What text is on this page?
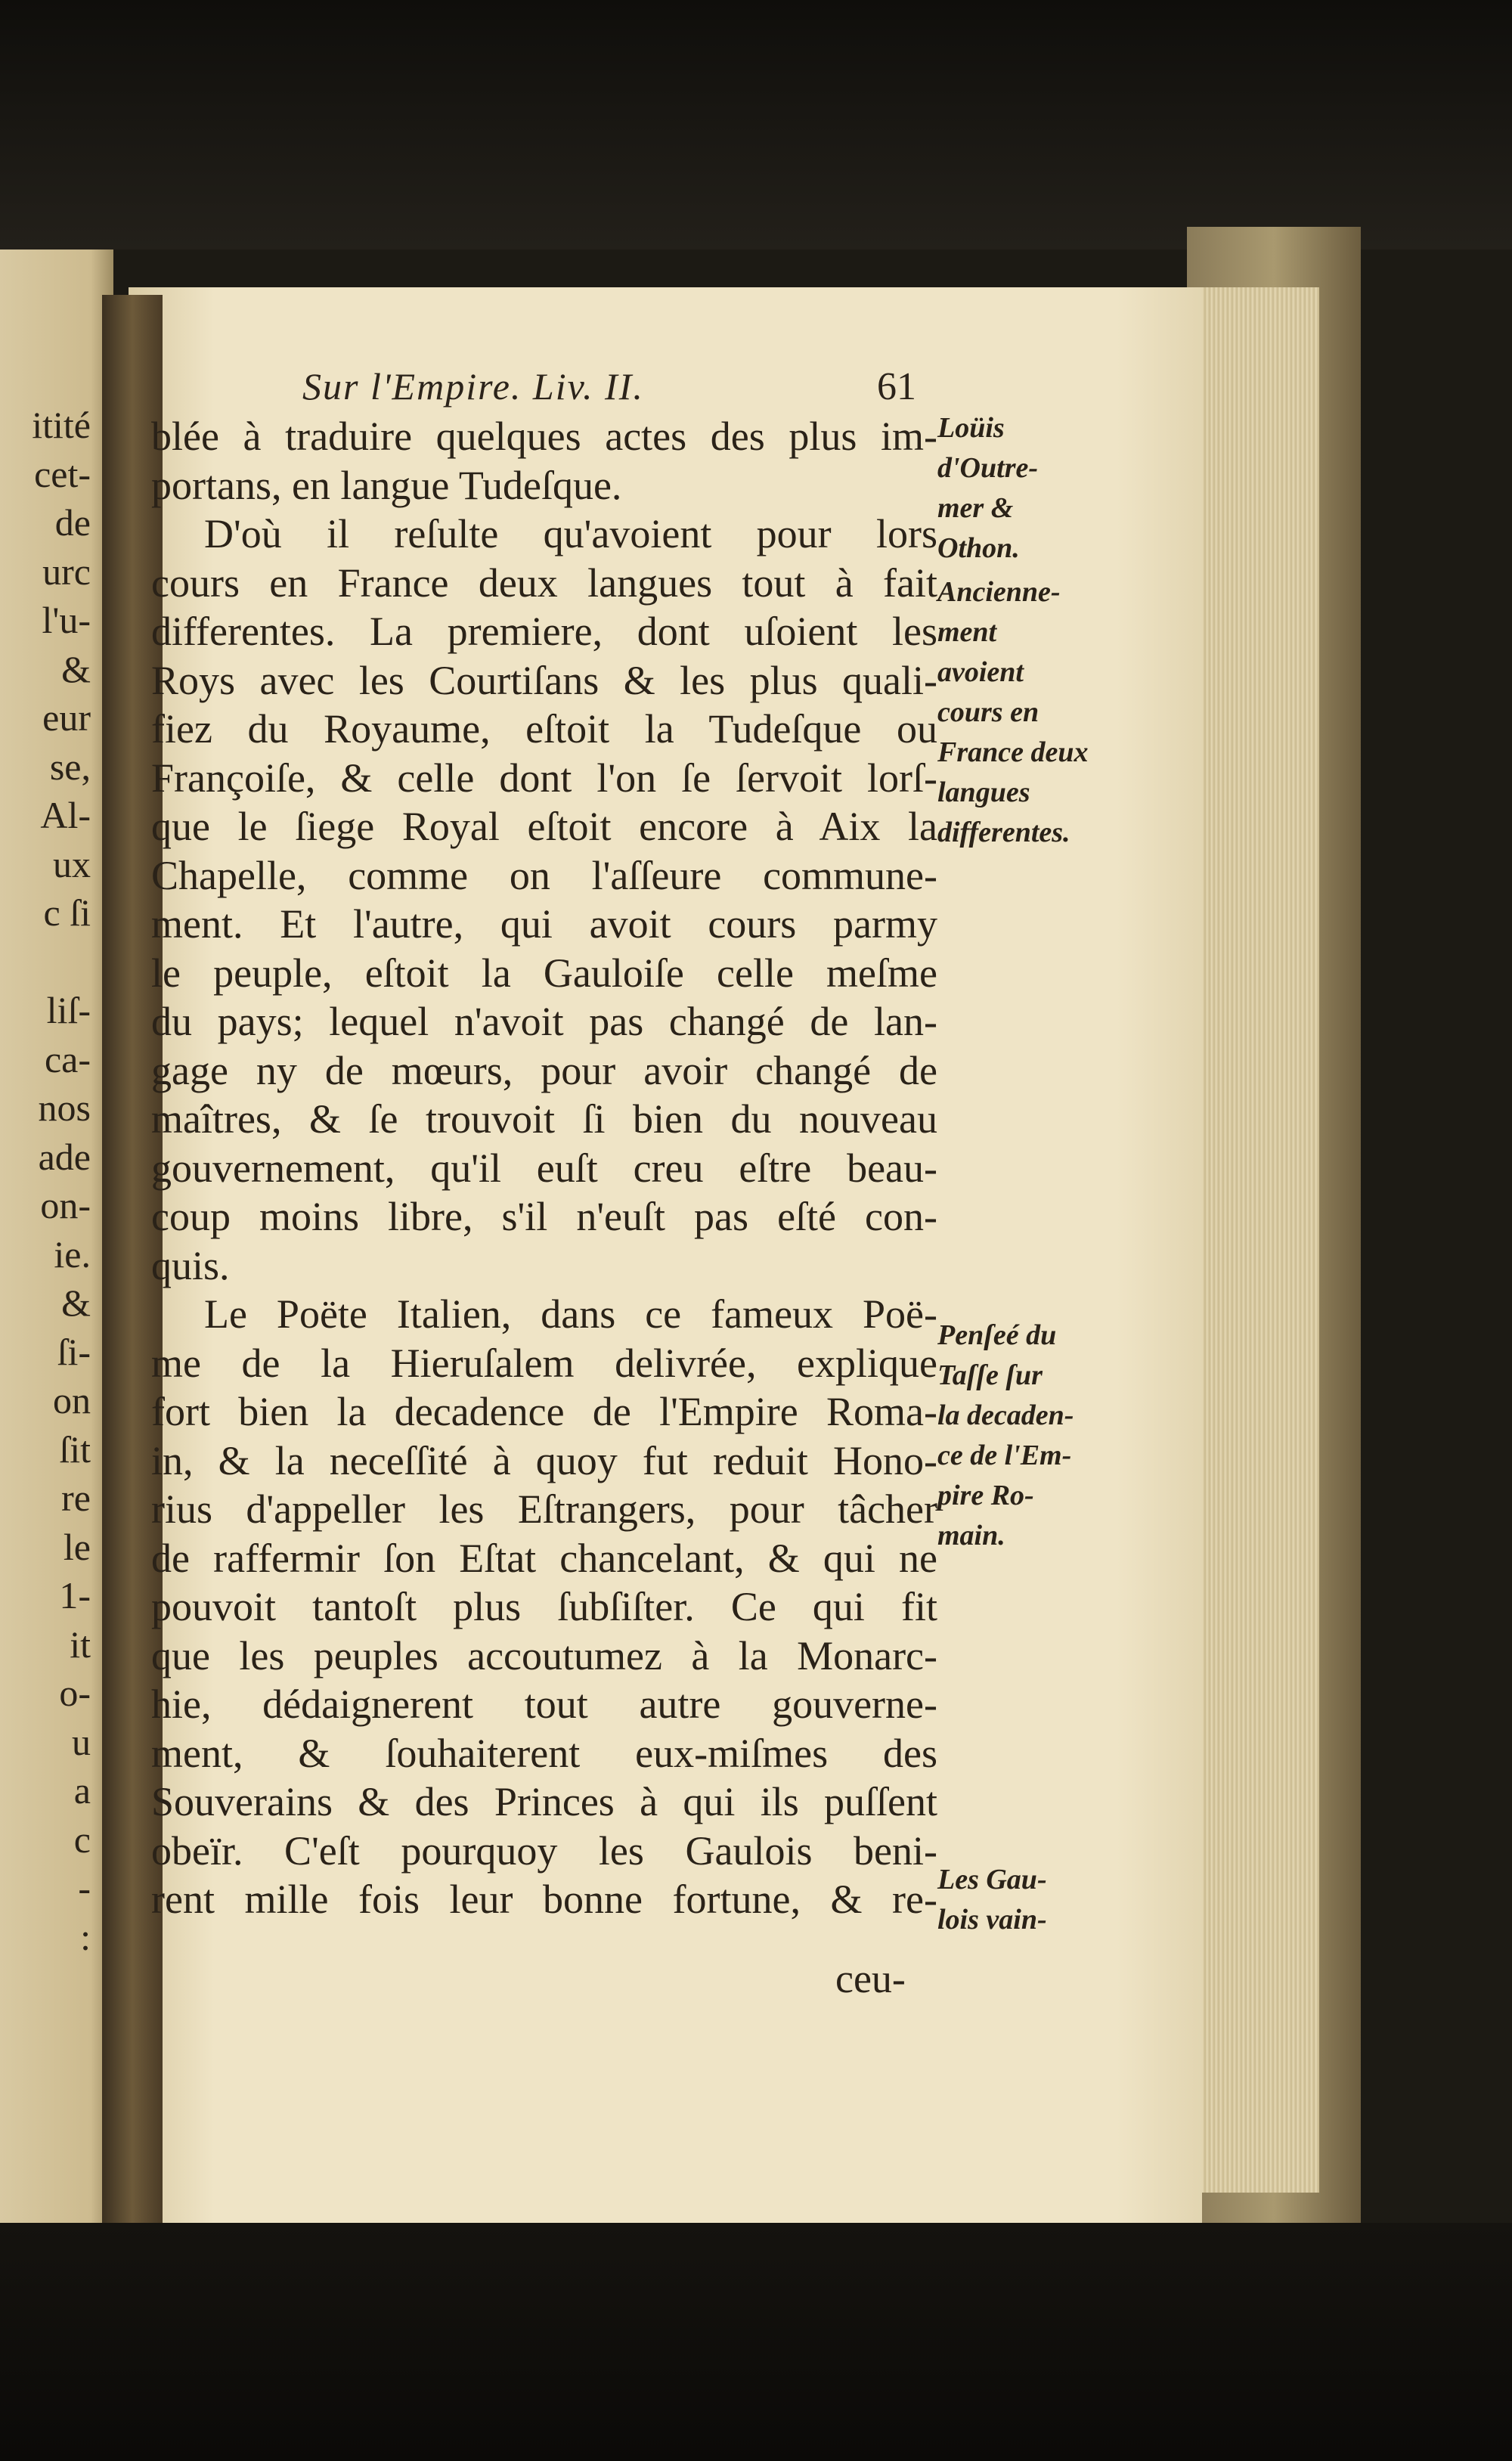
itité
cet-
de
urc
l'u-
&
eur
se,
Al-
ux
c ſi
liſ-
ca-
nos
ade
on-
ie.
&
ſi-
on
ſit
re
le
1-
it
o-
u
a
c
-
:
Sur l'Empire. Liv. II.	61
blée à traduire quelques actes des plus im-
portans, en langue Tudeſque.
D'où il reſulte qu'avoient pour lors
cours en France deux langues tout à fait
differentes. La premiere, dont uſoient les
Roys avec les Courtiſans & les plus quali-
fiez du Royaume, eſtoit la Tudeſque ou
Françoiſe, & celle dont l'on ſe ſervoit lorſ-
que le ſiege Royal eſtoit encore à Aix la
Chapelle, comme on l'aſſeure commune-
ment. Et l'autre, qui avoit cours parmy
le peuple, eſtoit la Gauloiſe celle meſme
du pays; lequel n'avoit pas changé de lan-
gage ny de mœurs, pour avoir changé de
maîtres, & ſe trouvoit ſi bien du nouveau
gouvernement, qu'il euſt creu eſtre beau-
coup moins libre, s'il n'euſt pas eſté con-
quis.
Le Poëte Italien, dans ce fameux Poë-
me de la Hieruſalem delivrée, explique
fort bien la decadence de l'Empire Roma-
in, & la neceſſité à quoy fut reduit Hono-
rius d'appeller les Eſtrangers, pour tâcher
de raffermir ſon Eſtat chancelant, & qui ne
pouvoit tantoſt plus ſubſiſter. Ce qui fit
que les peuples accoutumez à la Monarc-
hie, dédaignerent tout autre gouverne-
ment, & ſouhaiterent eux-miſmes des
Souverains & des Princes à qui ils puſſent
obeïr. C'eſt pourquoy les Gaulois beni-
rent mille fois leur bonne fortune, & re-
ceu-
Loüis
d'Outre-
mer &
Othon.
Anciennе-
ment
avoient
cours en
France deux
langues
differentes.
Penſeé du
Taſſe ſur
la decaden-
ce de l'Em-
pire Ro-
main.
Les Gau-
lois vain-
